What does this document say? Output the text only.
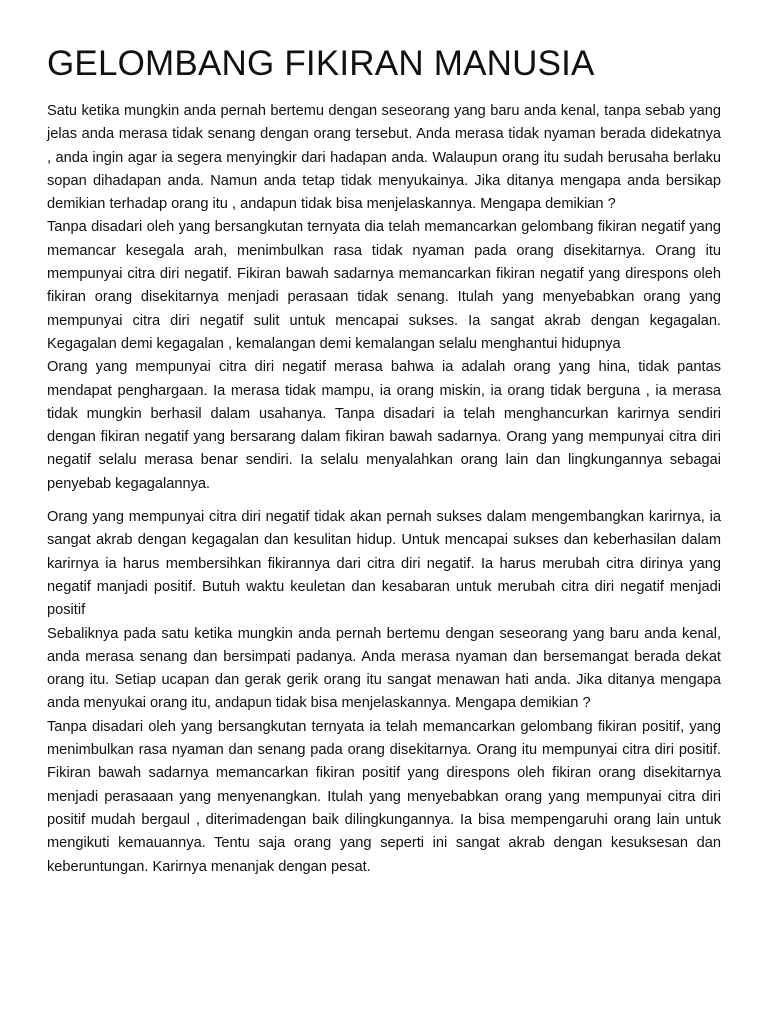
GELOMBANG FIKIRAN MANUSIA

Satu ketika mungkin anda pernah bertemu dengan seseorang yang baru anda kenal, tanpa sebab yang jelas anda merasa tidak senang dengan orang tersebut. Anda merasa tidak nyaman berada didekatnya , anda ingin agar ia segera menyingkir dari hadapan anda. Walaupun orang itu sudah berusaha berlaku sopan dihadapan anda. Namun anda tetap tidak menyukainya. Jika ditanya mengapa anda bersikap demikian terhadap orang itu , andapun tidak bisa menjelaskannya. Mengapa demikian ?

Tanpa disadari oleh yang bersangkutan ternyata dia telah memancarkan gelombang fikiran negatif yang memancar kesegala arah, menimbulkan rasa tidak nyaman pada orang disekitarnya. Orang itu mempunyai citra diri negatif. Fikiran bawah sadarnya memancarkan fikiran negatif yang direspons oleh fikiran orang disekitarnya menjadi perasaan tidak senang. Itulah yang menyebabkan orang yang mempunyai citra diri negatif sulit untuk mencapai sukses. Ia sangat akrab dengan kegagalan. Kegagalan demi kegagalan , kemalangan demi kemalangan selalu menghantui hidupnya

Orang yang mempunyai citra diri negatif merasa bahwa ia adalah orang yang hina, tidak pantas mendapat penghargaan. Ia merasa tidak mampu, ia orang miskin, ia orang tidak berguna , ia merasa tidak mungkin berhasil dalam usahanya. Tanpa disadari ia telah menghancurkan karirnya sendiri dengan fikiran negatif yang bersarang dalam fikiran bawah sadarnya. Orang yang mempunyai citra diri negatif selalu merasa benar sendiri. Ia selalu menyalahkan orang lain dan lingkungannya sebagai penyebab kegagalannya.

Orang yang mempunyai citra diri negatif tidak akan pernah sukses dalam mengembangkan karirnya, ia sangat akrab dengan kegagalan dan kesulitan hidup. Untuk mencapai sukses dan keberhasilan dalam karirnya ia harus membersihkan fikirannya dari citra diri negatif. Ia harus merubah citra dirinya yang negatif manjadi positif. Butuh waktu keuletan dan kesabaran untuk merubah citra diri negatif menjadi positif

Sebaliknya pada satu ketika mungkin anda pernah bertemu dengan seseorang yang baru anda kenal, anda merasa senang dan bersimpati padanya. Anda merasa nyaman dan bersemangat berada dekat orang itu. Setiap ucapan dan gerak gerik orang itu sangat menawan hati anda. Jika ditanya mengapa anda menyukai orang itu, andapun tidak bisa menjelaskannya. Mengapa demikian ?

Tanpa disadari oleh yang bersangkutan ternyata ia telah memancarkan gelombang fikiran positif, yang menimbulkan rasa nyaman dan senang pada orang disekitarnya. Orang itu mempunyai citra diri positif. Fikiran bawah sadarnya memancarkan fikiran positif yang direspons oleh fikiran orang disekitarnya menjadi perasaaan yang menyenangkan. Itulah yang menyebabkan orang yang mempunyai citra diri positif mudah bergaul , diterimadengan baik dilingkungannya. Ia bisa mempengaruhi orang lain untuk mengikuti kemauannya. Tentu saja orang yang seperti ini sangat akrab dengan kesuksesan dan keberuntungan. Karirnya menanjak dengan pesat.
